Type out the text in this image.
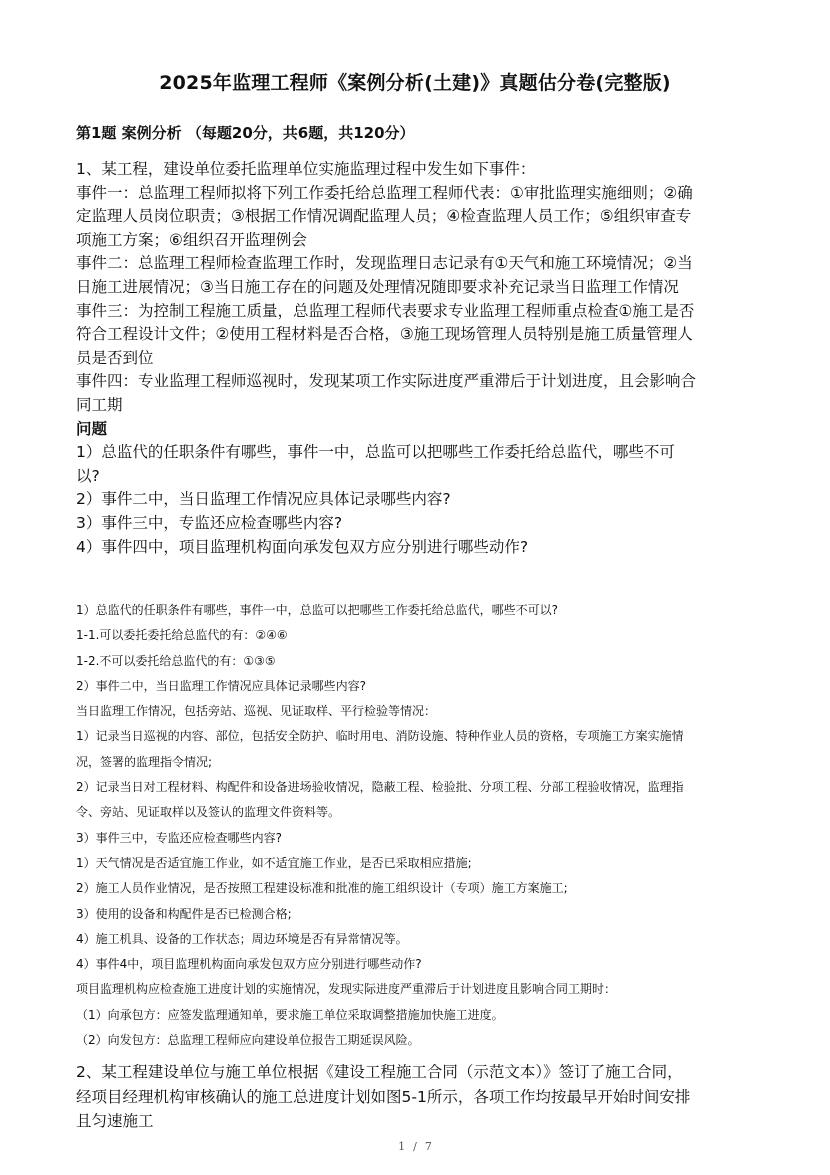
2025年监理工程师《案例分析(土建)》真题估分卷(完整版)
第1题 案例分析 （每题20分，共6题，共120分）
1、某工程，建设单位委托监理单位实施监理过程中发生如下事件：
事件一：总监理工程师拟将下列工作委托给总监理工程师代表：①审批监理实施细则；②确
定监理人员岗位职责；③根据工作情况调配监理人员；④检查监理人员工作；⑤组织审查专
项施工方案；⑥组织召开监理例会
事件二：总监理工程师检查监理工作时，发现监理日志记录有①天气和施工环境情况；②当
日施工进展情况；③当日施工存在的问题及处理情况随即要求补充记录当日监理工作情况
事件三：为控制工程施工质量，总监理工程师代表要求专业监理工程师重点检查①施工是否
符合工程设计文件；②使用工程材料是否合格，③施工现场管理人员特别是施工质量管理人
员是否到位
事件四：专业监理工程师巡视时，发现某项工作实际进度严重滞后于计划进度，且会影响合
同工期
问题
1）总监代的任职条件有哪些，事件一中，总监可以把哪些工作委托给总监代，哪些不可
以?
2）事件二中，当日监理工作情况应具体记录哪些内容?
3）事件三中，专监还应检查哪些内容?
4）事件四中，项目监理机构面向承发包双方应分别进行哪些动作?
1）总监代的任职条件有哪些，事件一中，总监可以把哪些工作委托给总监代，哪些不可以?
1-1.可以委托委托给总监代的有：②④⑥
1-2.不可以委托给总监代的有：①③⑤
2）事件二中，当日监理工作情况应具体记录哪些内容?
当日监理工作情况，包括旁站、巡视、见证取样、平行检验等情况：
1）记录当日巡视的内容、部位，包括安全防护、临时用电、消防设施、特种作业人员的资格，专项施工方案实施情
况，签署的监理指令情况;
2）记录当日对工程材料、构配件和设备进场验收情况，隐蔽工程、检验批、分项工程、分部工程验收情况，监理指
令、旁站、见证取样以及签认的监理文件资料等。
3）事件三中，专监还应检查哪些内容?
1）天气情况是否适宜施工作业，如不适宜施工作业，是否已采取相应措施;
2）施工人员作业情况，是否按照工程建设标准和批准的施工组织设计（专项）施工方案施工;
3）使用的设备和构配件是否已检测合格;
4）施工机具、设备的工作状态；周边环境是否有异常情况等。
4）事件4中，项目监理机构面向承发包双方应分别进行哪些动作?
项目监理机构应检查施工进度计划的实施情况，发现实际进度严重滞后于计划进度且影响合同工期时：
（1）向承包方：应签发监理通知单，要求施工单位采取调整措施加快施工进度。
（2）向发包方：总监理工程师应向建设单位报告工期延误风险。
2、某工程建设单位与施工单位根据《建设工程施工合同（示范文本）》签订了施工合同，
经项目经理机构审核确认的施工总进度计划如图5-1所示，各项工作均按最早开始时间安排
且匀速施工
1 / 7
